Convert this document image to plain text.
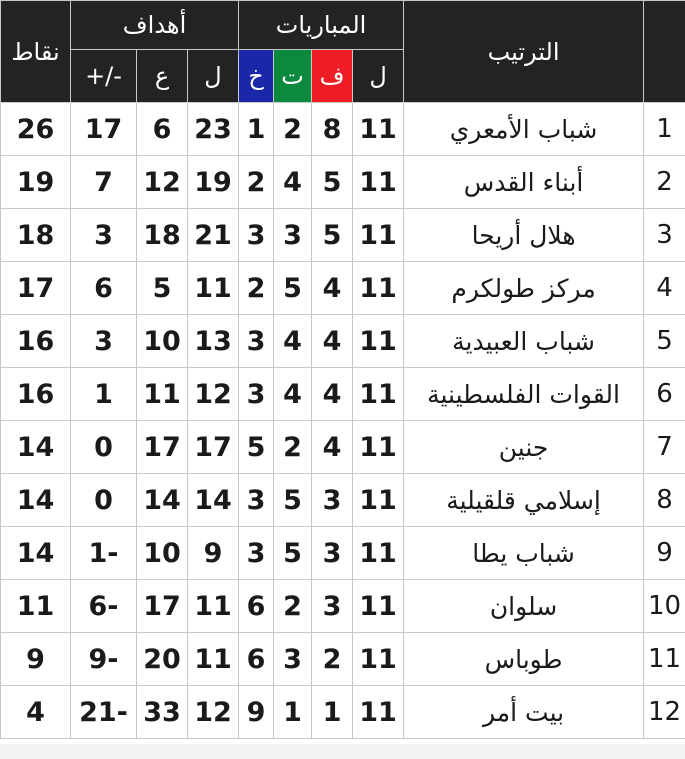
نقاط	أهداف			المباريات				الترتيب	
	+/-	ع	ل	خ	ت	ف	ل		
26	17	6	23	1	2	8	11	شباب الأمعري	1
19	7	12	19	2	4	5	11	أبناء القدس	2
18	3	18	21	3	3	5	11	هلال أريحا	3
17	6	5	11	2	5	4	11	مركز طولكرم	4
16	3	10	13	3	4	4	11	شباب العبيدية	5
16	1	11	12	3	4	4	11	القوات الفلسطينية	6
14	0	17	17	5	2	4	11	جنين	7
14	0	14	14	3	5	3	11	إسلامي قلقيلية	8
14	1-	10	9	3	5	3	11	شباب يطا	9
11	6-	17	11	6	2	3	11	سلوان	10
9	9-	20	11	6	3	2	11	طوباس	11
4	21-	33	12	9	1	1	11	بيت أمر	12
